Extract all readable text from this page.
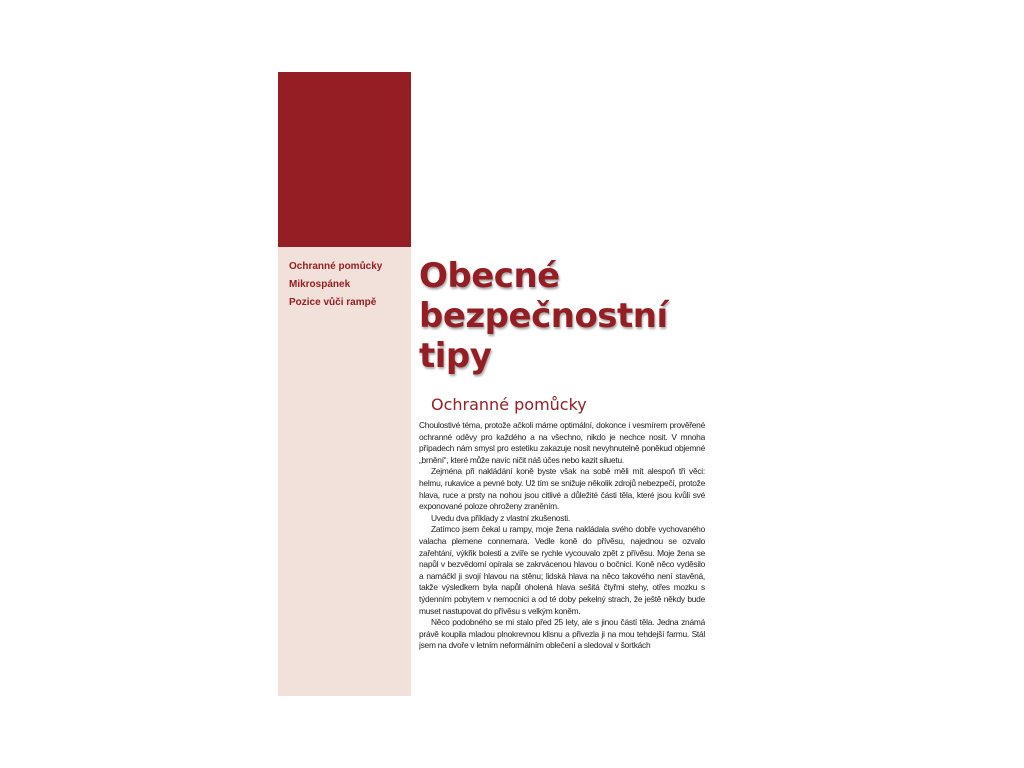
Ochranné pomůcky
Mikrospánek
Pozice vůči rampě
Obecné
bezpečnostní
tipy
Ochranné pomůcky

Choulostivé téma, protože ačkoli máme optimální, dokonce i vesmírem prověřené ochranné oděvy pro každého a na všechno, nikdo je nechce nosit. V mnoha případech nám smysl pro estetiku zakazuje nosit nevyhnutelně poněkud objemné „brnění“, které může navíc ničit náš účes nebo kazit siluetu.

Zejména při nakládání koně byste však na sobě měli mít alespoň tři věci: helmu, rukavice a pevné boty. Už tím se snižuje několik zdrojů nebezpečí, protože hlava, ruce a prsty na nohou jsou citlivé a důležité části těla, které jsou kvůli své exponované poloze ohroženy zraněním.

Uvedu dva příklady z vlastní zkušenosti.

Zatímco jsem čekal u rampy, moje žena nakládala svého dobře vychovaného valacha plemene connemara. Vedle koně do přívěsu, najednou se ozvalo zařehtání, výkřik bolesti a zvíře se rychle vycouvalo zpět z přívěsu. Moje žena se napůl v bezvědomí opírala se zakrvácenou hlavou o bočnici. Koně něco vyděsilo a namáčkl ji svojí hlavou na stěnu; lidská hlava na něco takového není stavěná, takže výsledkem byla napůl oholená hlava sešitá čtyřmi stehy, otřes mozku s týdenním pobytem v nemocnici a od té doby pekelný strach, že ještě někdy bude muset nastupovat do přívěsu s velkým koněm.

Něco podobného se mi stalo před 25 lety, ale s jinou částí těla. Jedna známá právě koupila mladou plnokrevnou klisnu a přivezla ji na mou tehdejší farmu. Stál jsem na dvoře v letním neformálním oblečení a sledoval v šortkách
